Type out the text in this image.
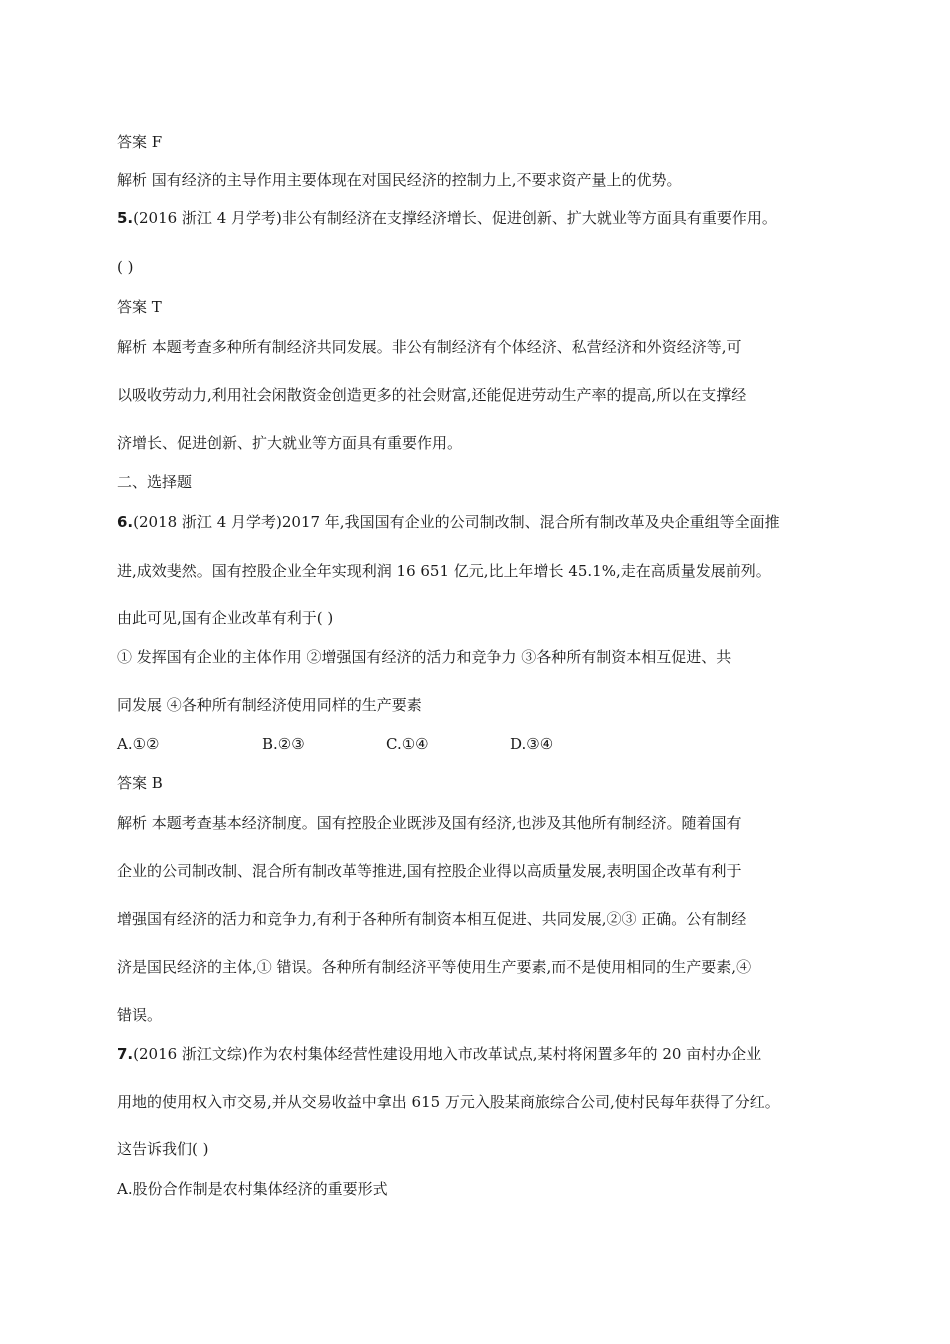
答案 F
解析 国有经济的主导作用主要体现在对国民经济的控制力上,不要求资产量上的优势。
5.(2016 浙江 4 月学考)非公有制经济在支撑经济增长、促进创新、扩大就业等方面具有重要作用。
( )
答案 T
解析 本题考查多种所有制经济共同发展。非公有制经济有个体经济、私营经济和外资经济等,可
以吸收劳动力,利用社会闲散资金创造更多的社会财富,还能促进劳动生产率的提高,所以在支撑经
济增长、促进创新、扩大就业等方面具有重要作用。
二、选择题
6.(2018 浙江 4 月学考)2017 年,我国国有企业的公司制改制、混合所有制改革及央企重组等全面推
进,成效斐然。国有控股企业全年实现利润 16 651 亿元,比上年增长 45.1%,走在高质量发展前列。
由此可见,国有企业改革有利于( )
① 发挥国有企业的主体作用 ②增强国有经济的活力和竞争力 ③各种所有制资本相互促进、共
同发展 ④各种所有制经济使用同样的生产要素
A.①②	B.②③	C.①④	D.③④
答案 B
解析 本题考查基本经济制度。国有控股企业既涉及国有经济,也涉及其他所有制经济。随着国有
企业的公司制改制、混合所有制改革等推进,国有控股企业得以高质量发展,表明国企改革有利于
增强国有经济的活力和竞争力,有利于各种所有制资本相互促进、共同发展,②③ 正确。公有制经
济是国民经济的主体,① 错误。各种所有制经济平等使用生产要素,而不是使用相同的生产要素,④
错误。
7.(2016 浙江文综)作为农村集体经营性建设用地入市改革试点,某村将闲置多年的 20 亩村办企业
用地的使用权入市交易,并从交易收益中拿出 615 万元入股某商旅综合公司,使村民每年获得了分红。
这告诉我们( )
A.股份合作制是农村集体经济的重要形式
